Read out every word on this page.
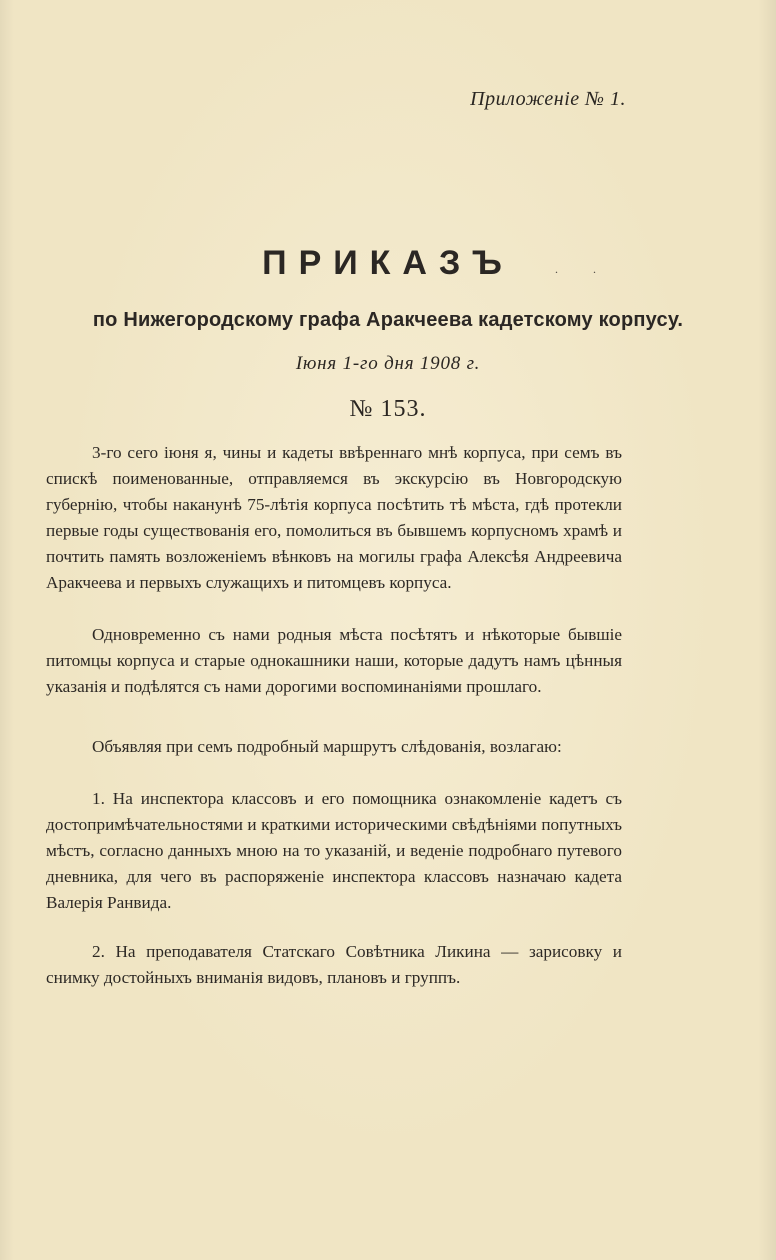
Приложеніе № 1.
ПРИКАЗЪ	. .
по Нижегородскому графа Аракчеева кадетскому корпусу.
Іюня 1-го дня 1908 г.
№ 153.
3-го сего іюня я, чины и кадеты ввѣреннаго мнѣ корпуса, при семъ въ спискѣ поименованные, отправляемся въ экскурсію въ Новгородскую губернію, чтобы наканунѣ 75-лѣтія корпуса посѣтить тѣ мѣста, гдѣ протекли первые годы существованія его, помолиться въ бывшемъ корпусномъ храмѣ и почтить память возложеніемъ вѣнковъ на могилы графа Алексѣя Андреевича Аракчеева и первыхъ служащихъ и питомцевъ корпуса.
Одновременно съ нами родныя мѣста посѣтятъ и нѣкоторые бывшіе питомцы корпуса и старые однокашники наши, которые дадутъ намъ цѣнныя указанія и подѣлятся съ нами дорогими воспоминаніями прошлаго.
Объявляя при семъ подробный маршрутъ слѣдованія, возлагаю:
1. На инспектора классовъ и его помощника ознакомленіе кадетъ съ достопримѣчательностями и краткими историческими свѣдѣніями попутныхъ мѣстъ, согласно данныхъ мною на то указаній, и веденіе подробнаго путевого дневника, для чего въ распоряженіе инспектора классовъ назначаю кадета Валерія Ранвида.
2. На преподавателя Статскаго Совѣтника Ликина — зарисовку и снимку достойныхъ вниманія видовъ, плановъ и группъ.
